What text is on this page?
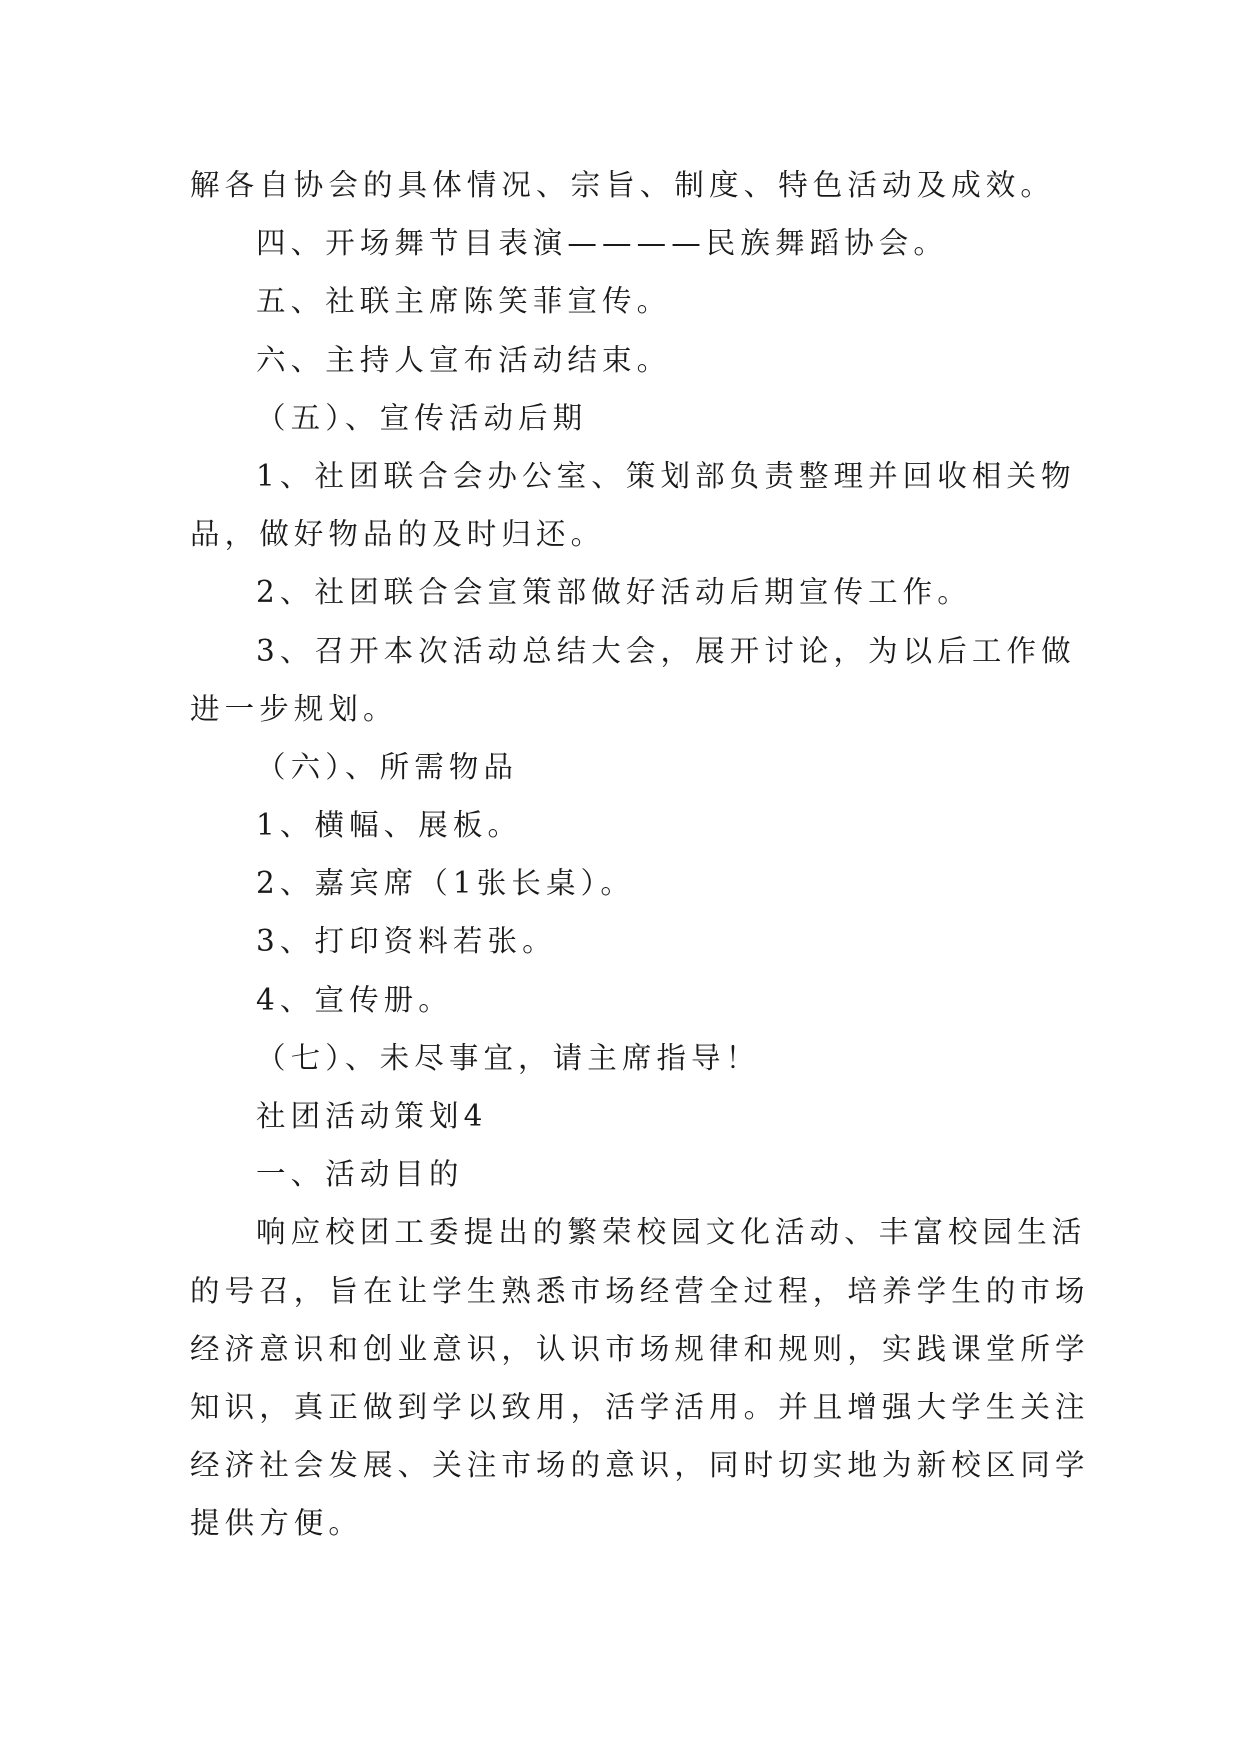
解各自协会的具体情况、宗旨、制度、特色活动及成效。
四、开场舞节目表演————民族舞蹈协会。
五、社联主席陈笑菲宣传。
六、主持人宣布活动结束。
（五）、宣传活动后期
1、社团联合会办公室、策划部负责整理并回收相关物
品，做好物品的及时归还。
2、社团联合会宣策部做好活动后期宣传工作。
3、召开本次活动总结大会，展开讨论，为以后工作做
进一步规划。
（六）、所需物品
1、横幅、展板。
2、嘉宾席（1张长桌）。
3、打印资料若张。
4、宣传册。
（七）、未尽事宜，请主席指导！
社团活动策划4
一、活动目的
响应校团工委提出的繁荣校园文化活动、丰富校园生活
的号召，旨在让学生熟悉市场经营全过程，培养学生的市场
经济意识和创业意识，认识市场规律和规则，实践课堂所学
知识，真正做到学以致用，活学活用。并且增强大学生关注
经济社会发展、关注市场的意识，同时切实地为新校区同学
提供方便。
